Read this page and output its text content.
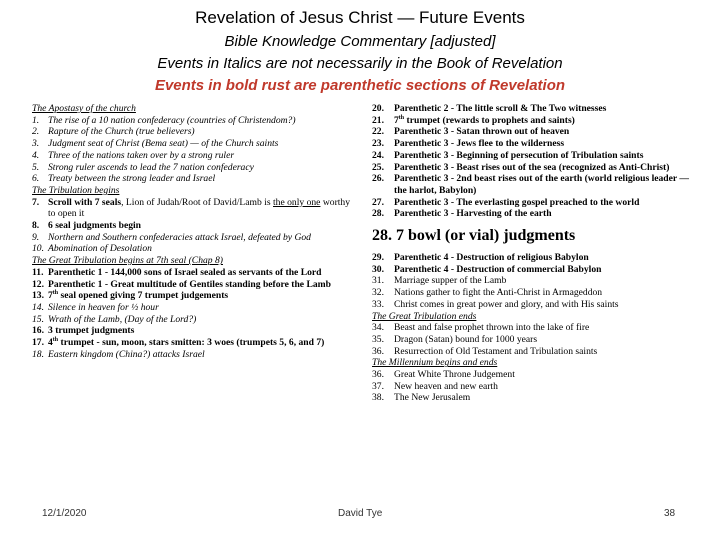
Revelation of Jesus Christ — Future Events
Bible Knowledge Commentary [adjusted]
Events in Italics are not necessarily in the Book of Revelation
Events in bold rust are parenthetic sections of Revelation
The Apostasy of the church
1. The rise of a 10 nation confederacy (countries of Christendom?)
2. Rapture of the Church (true believers)
3. Judgment seat of Christ (Bema seat) — of the Church saints
4. Three of the nations taken over by a strong ruler
5. Strong ruler ascends to lead the 7 nation confederacy
6. Treaty between the strong leader and Israel
The Tribulation begins
7. Scroll with 7 seals, Lion of Judah/Root of David/Lamb is the only one worthy to open it
8. 6 seal judgments begin
9. Northern and Southern confederacies attack Israel, defeated by God
10. Abomination of Desolation
The Great Tribulation begins at 7th seal (Chap 8)
11. Parenthetic 1 - 144,000 sons of Israel sealed as servants of the Lord
12. Parenthetic 1 - Great multitude of Gentiles standing before the Lamb
13. 7th seal opened giving 7 trumpet judgements
14. Silence in heaven for ½ hour
15. Wrath of the Lamb, (Day of the Lord?)
16. 3 trumpet judgments
17. 4th trumpet - sun, moon, stars smitten: 3 woes (trumpets 5, 6, and 7)
18. Eastern kingdom (China?) attacks Israel
20.	Parenthetic 2 - The little scroll & The Two witnesses
21.	7th trumpet (rewards to prophets and saints)
22.	Parenthetic 3 - Satan thrown out of heaven
23.	Parenthetic 3 - Jews flee to the wilderness
24.	Parenthetic 3 - Beginning of persecution of Tribulation saints
25.	Parenthetic 3 - Beast rises out of the sea (recognized as Anti-Christ)
26.	Parenthetic 3 - 2nd beast rises out of the earth (world religious leader — the harlot, Babylon)
27.	Parenthetic 3 - The everlasting gospel preached to the world
28.	Parenthetic 3 - Harvesting of the earth
28. 7 bowl (or vial) judgments
29.	Parenthetic 4 - Destruction of religious Babylon
30.	Parenthetic 4 - Destruction of commercial Babylon
31.	Marriage supper of the Lamb
32.	Nations gather to fight the Anti-Christ in Armageddon
33.	Christ comes in great power and glory, and with His saints
The Great Tribulation ends
34.	Beast and false prophet thrown into the lake of fire
35.	Dragon (Satan) bound for 1000 years
36.	Resurrection of Old Testament and Tribulation saints
The Millennium begins and ends
36.	Great White Throne Judgement
37.	New heaven and new earth
38.	The New Jerusalem
12/1/2020	David Tye	38
